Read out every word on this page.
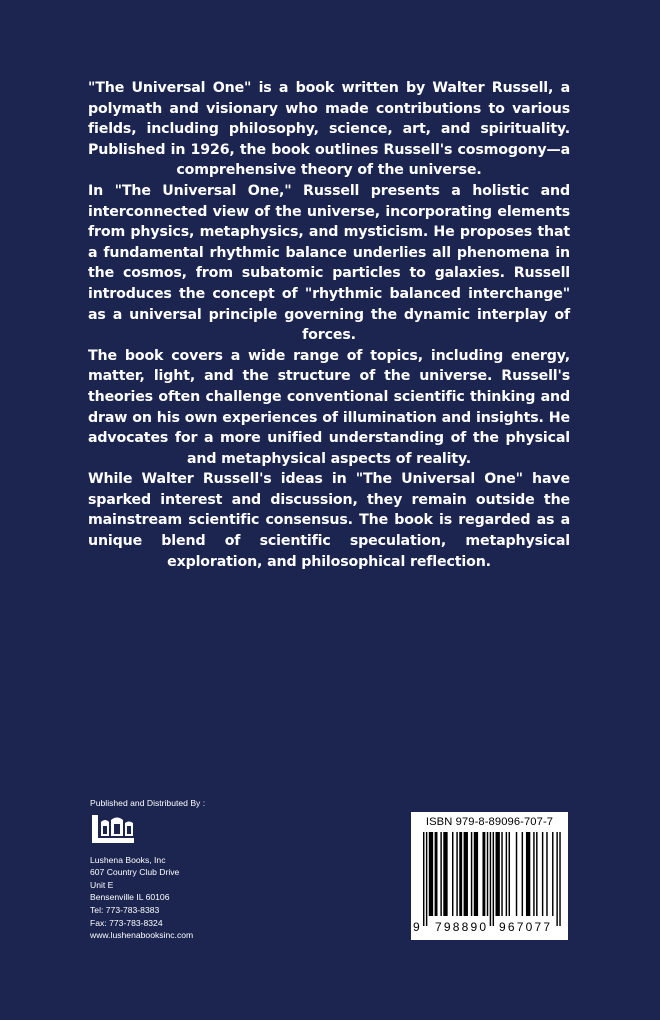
"The Universal One" is a book written by Walter Russell, a polymath and visionary who made contributions to various fields, including philosophy, science, art, and spirituality. Published in 1926, the book outlines Russell's cosmogony—a comprehensive theory of the universe.

In "The Universal One," Russell presents a holistic and interconnected view of the universe, incorporating elements from physics, metaphysics, and mysticism. He proposes that a fundamental rhythmic balance underlies all phenomena in the cosmos, from subatomic particles to galaxies. Russell introduces the concept of "rhythmic balanced interchange" as a universal principle governing the dynamic interplay of forces.

The book covers a wide range of topics, including energy, matter, light, and the structure of the universe. Russell's theories often challenge conventional scientific thinking and draw on his own experiences of illumination and insights. He advocates for a more unified understanding of the physical and metaphysical aspects of reality.

While Walter Russell's ideas in "The Universal One" have sparked interest and discussion, they remain outside the mainstream scientific consensus. The book is regarded as a unique blend of scientific speculation, metaphysical exploration, and philosophical reflection.

Published and Distributed By :
Lushena Books, Inc
607 Country Club Drive
Unit E
Bensenville IL 60106
Tel: 773-783-8383
Fax: 773-783-8324
www.lushenabooksinc.com
ISBN 979-8-89096-707-7
9 798890 967077
